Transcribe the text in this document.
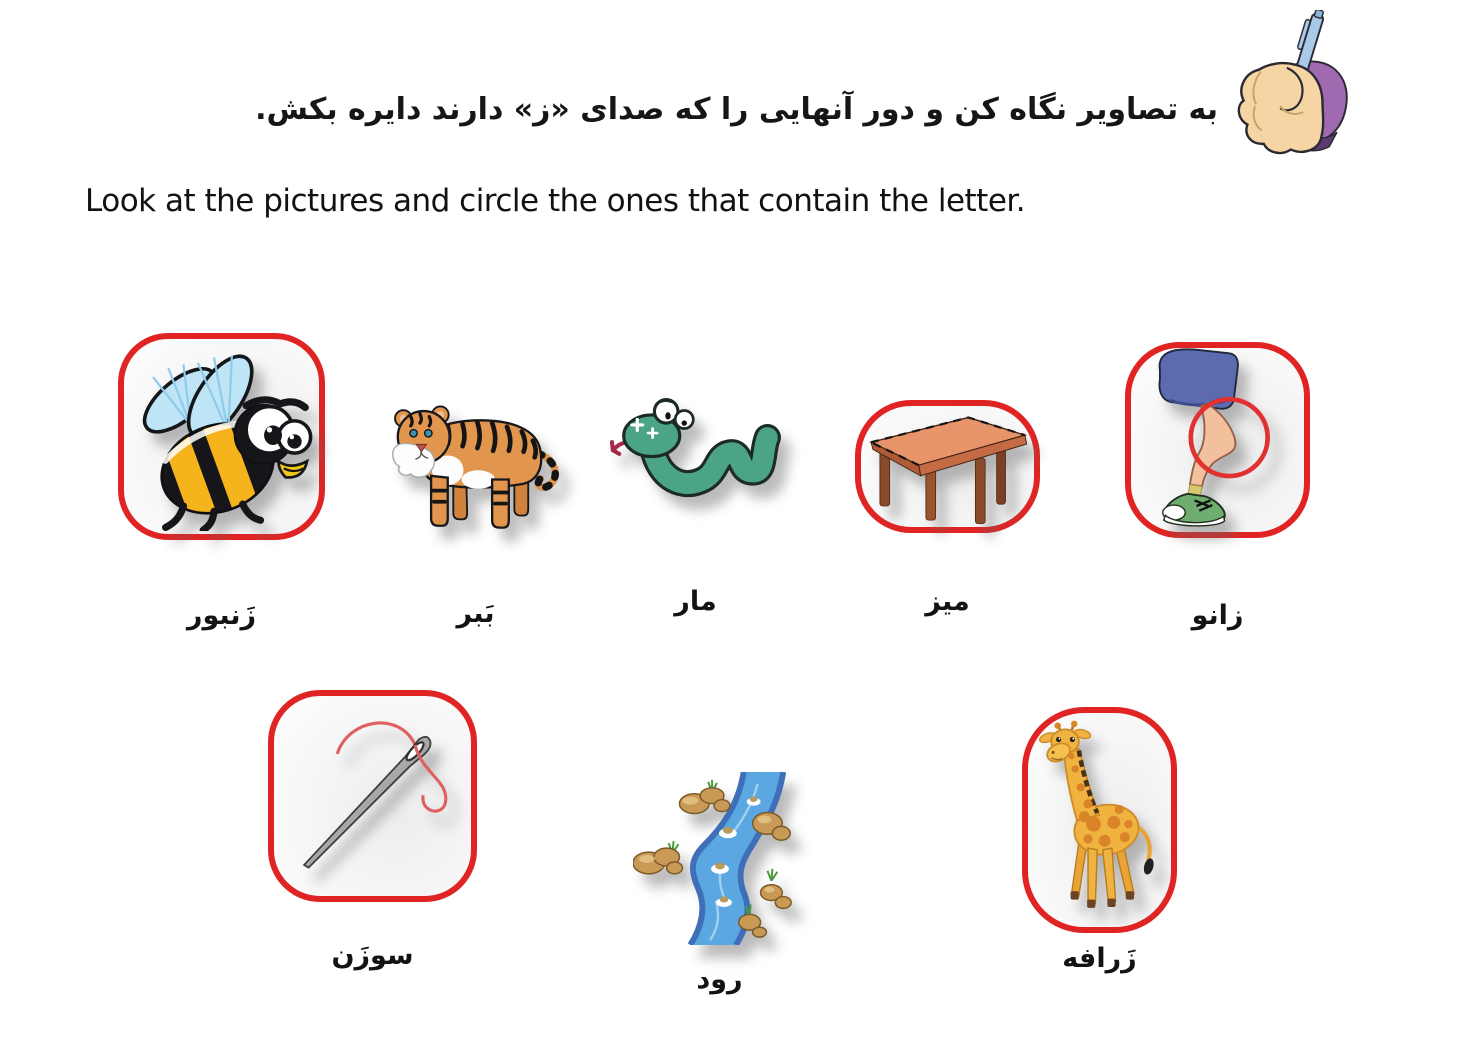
به تصاویر نگاه کن و دور آنهایی را که صدای «ز» دارند دایره بکش.
Look at the pictures and circle the ones that contain the letter.
زَنبور	بَبر	مار	میز	زانو
سوزَن
رود
زَرافه
